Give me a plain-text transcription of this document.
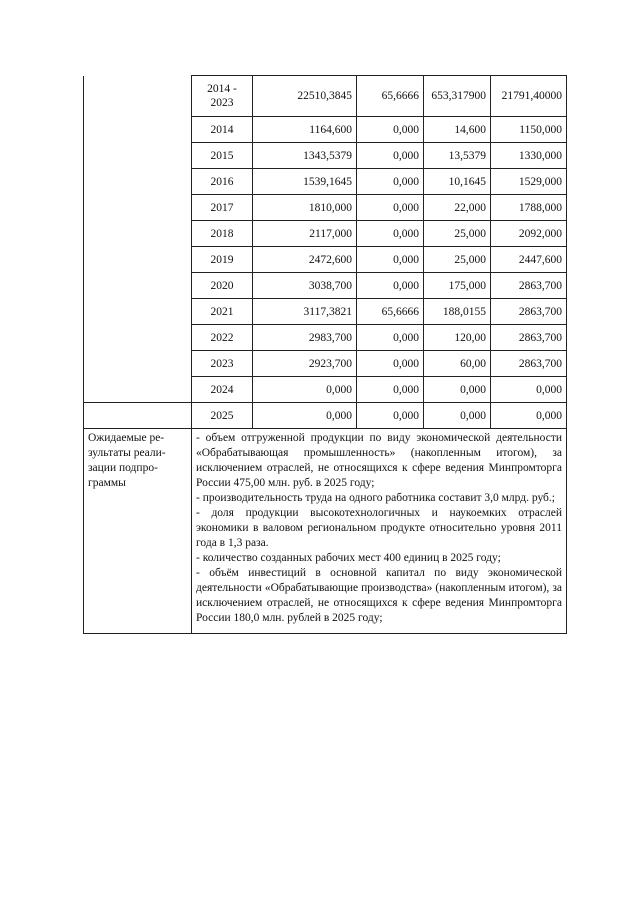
	2014 - 2023	22510,3845	65,6666	653,317900	21791,40000
	2014	1164,600	0,000	14,600	1150,000
	2015	1343,5379	0,000	13,5379	1330,000
	2016	1539,1645	0,000	10,1645	1529,000
	2017	1810,000	0,000	22,000	1788,000
	2018	2117,000	0,000	25,000	2092,000
	2019	2472,600	0,000	25,000	2447,600
	2020	3038,700	0,000	175,000	2863,700
	2021	3117,3821	65,6666	188,0155	2863,700
	2022	2983,700	0,000	120,00	2863,700
	2023	2923,700	0,000	60,00	2863,700
	2024	0,000	0,000	0,000	0,000
	2025	0,000	0,000	0,000	0,000
Ожидаемые ре-зультаты реали-зации подпро-граммы	- объем отгруженной продукции по виду экономической деятельности «Обрабатывающая промышленность» (накопленным итогом), за исключением отраслей, не относящихся к сфере ведения Минпромторга России 475,00 млн. руб. в 2025 году;
- производительность труда на одного работника составит 3,0 млрд. руб.;
- доля продукции высокотехнологичных и наукоемких отраслей экономики в валовом региональном продукте относительно уровня 2011 года в 1,3 раза.
- количество созданных рабочих мест 400 единиц в 2025 году;
- объём инвестиций в основной капитал по виду экономической деятельности «Обрабатывающие производства» (накопленным итогом), за исключением отраслей, не относящихся к сфере ведения Минпромторга России 180,0 млн. рублей в 2025 году;				
